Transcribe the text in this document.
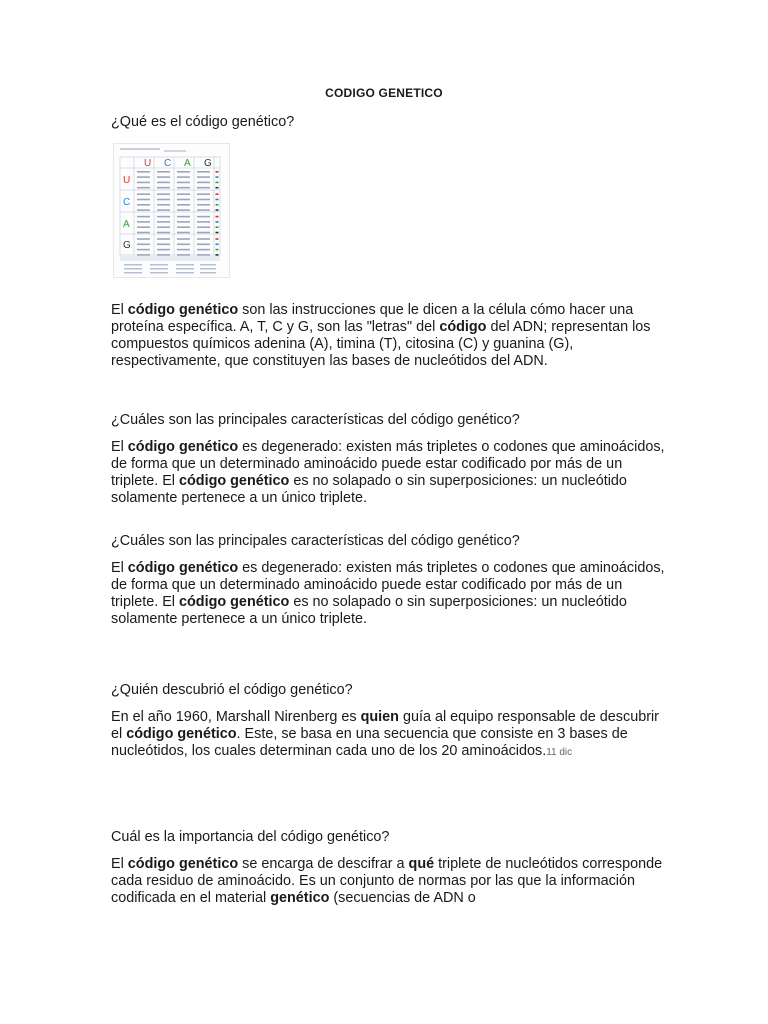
CODIGO GENETICO
¿Qué es el código genético?
U C A G
U
C
A
G
El código genético son las instrucciones que le dicen a la célula cómo hacer una proteína específica. A, T, C y G, son las "letras" del código del ADN; representan los compuestos químicos adenina (A), timina (T), citosina (C) y guanina (G), respectivamente, que constituyen las bases de nucleótidos del ADN.
¿Cuáles son las principales características del código genético?
El código genético es degenerado: existen más tripletes o codones que aminoácidos, de forma que un determinado aminoácido puede estar codificado por más de un triplete. El código genético es no solapado o sin superposiciones: un nucleótido solamente pertenece a un único triplete.
¿Cuáles son las principales características del código genético?
El código genético es degenerado: existen más tripletes o codones que aminoácidos, de forma que un determinado aminoácido puede estar codificado por más de un triplete. El código genético es no solapado o sin superposiciones: un nucleótido solamente pertenece a un único triplete.
¿Quién descubrió el código genético?
En el año 1960, Marshall Nirenberg es quien guía al equipo responsable de descubrir el código genético. Este, se basa en una secuencia que consiste en 3 bases de nucleótidos, los cuales determinan cada uno de los 20 aminoácidos.11 dic
Cuál es la importancia del código genético?
El código genético se encarga de descifrar a qué triplete de nucleótidos corresponde cada residuo de aminoácido. Es un conjunto de normas por las que la información codificada en el material genético (secuencias de ADN o
